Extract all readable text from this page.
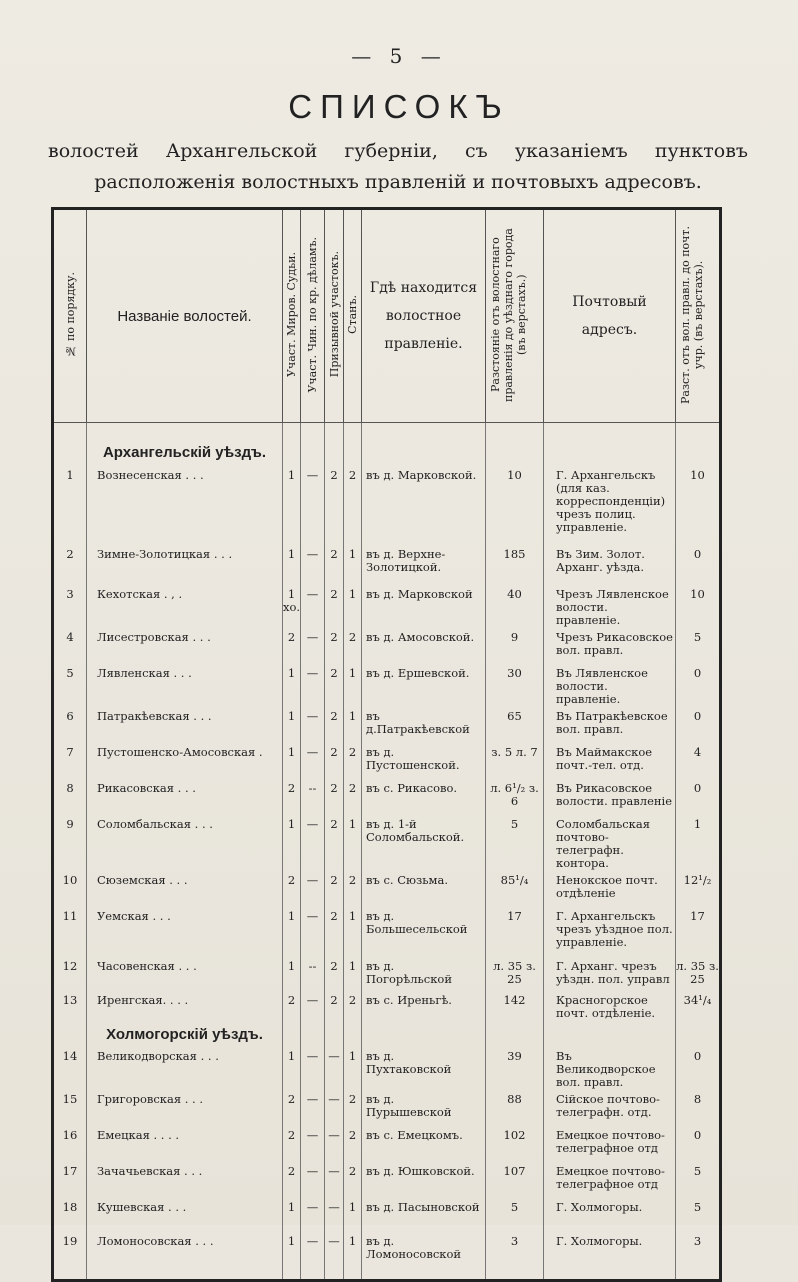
— 5 —
СПИСОКЪ
волостей Архангельской губерніи, съ указаніемъ пунктовъ расположенія волостныхъ правленій и почтовыхъ адресовъ.
№ по порядку.	Названіе волостей.	Участ. Миров. Судьи.	Участ. Чин. по кр. дѣламъ.	Призывной участокъ.	Станъ.	Гдѣ находится волостное правленіе.	Разстояніе отъ волостнаго правленія до уѣзднаго города (въ верстахъ.)	Почтовый адресъ.	Разст. отъ вол. правл. до почт. учр. (въ верстахъ).
	Архангельскій уѣздъ.								
1	Вознесенская . . .	1	—	2	2	въ д. Марковской.	10	Г. Архангельскъ (для каз. корреспонденціи) чрезъ полиц. управленіе.	10
2	Зимне-Золотицкая . . .	1	—	2	1	въ д. Верхне-Золотицкой.	185	Въ Зим. Золот. Арханг. уѣзда.	0
3	Кехотская . , .	1 хо.	—	2	1	въ д. Марковской	40	Чрезъ Лявленское волости. правленіе.	10
4	Лисестровская . . .	2	—	2	2	въ д. Амосовской.	9	Чрезъ Рикасовское вол. правл.	5
5	Лявленская . . .	1	—	2	1	въ д. Ершевской.	30	Въ Лявленское волости. правленіе.	0
6	Патракѣевская . . .	1	—	2	1	въ д.Патракѣевской	65	Въ Патракѣевское вол. правл.	0
7	Пустошенско-Амосовская .	1	—	2	2	въ д. Пустошенской.	з. 5 л. 7	Въ Маймакское почт.-тел. отд.	4
8	Рикасовская . . .	2	--	2	2	въ с. Рикасово.	л. 6¹/₂ з. 6	Въ Рикасовское волости. правленіе	0
9	Соломбальская . . .	1	—	2	1	въ д. 1-й Соломбальской.	5	Соломбальская почтово-телеграфн. контора.	1
10	Сюземская . . .	2	—	2	2	въ с. Сюзьма.	85¹/₄	Ненокское почт. отдѣленіе	12¹/₂
11	Уемская . . .	1	—	2	1	въ д. Большесельской	17	Г. Архангельскъ чрезъ уѣздное пол. управленіе.	17
12	Часовенская . . .	1	--	2	1	въ д. Погорѣльской	л. 35 з. 25	Г. Арханг. чрезъ уѣздн. пол. управл	л. 35 з. 25
13	Иренгская. . . .	2	—	2	2	въ с. Иреньгѣ.	142	Красногорское почт. отдѣленіе.	34¹/₄
	Холмогорскій уѣздъ.								
14	Великодворская . . .	1	—	—	1	въ д. Пухтаковской	39	Въ Великодворское вол. правл.	0
15	Григоровская . . .	2	—	—	2	въ д. Пурышевской	88	Сійское почтово-телеграфн. отд.	8
16	Емецкая . . . .	2	—	—	2	въ с. Емецкомъ.	102	Емецкое почтово-телеграфное отд	0
17	Зачачьевская . . .	2	—	—	2	въ д. Юшковской.	107	Емецкое почтово-телеграфное отд	5
18	Кушевская . . .	1	—	—	1	въ д. Пасыновской	5	Г. Холмогоры.	5
19	Ломоносовская . . .	1	—	—	1	въ д. Ломоносовской	3	Г. Холмогоры.	3
